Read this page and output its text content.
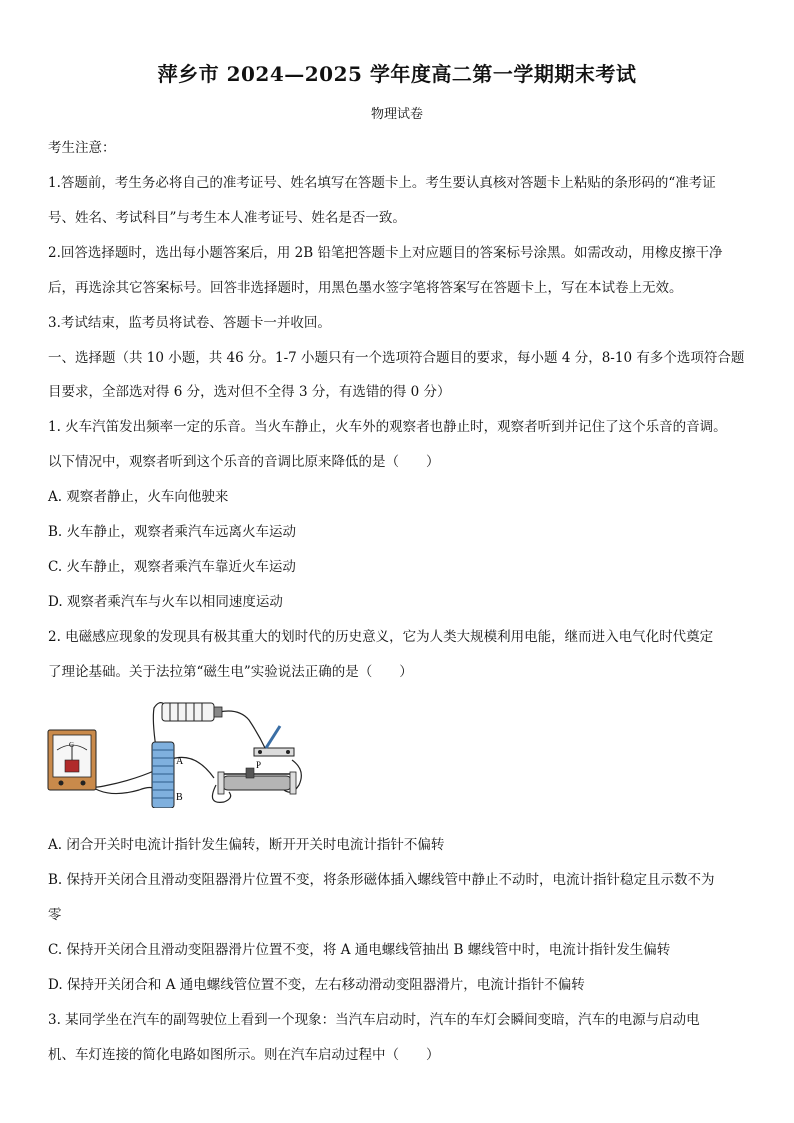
萍乡市 2024—2025 学年度高二第一学期期末考试
物理试卷
考生注意：
1.答题前，考生务必将自己的准考证号、姓名填写在答题卡上。考生要认真核对答题卡上粘贴的条形码的“准考证
号、姓名、考试科目”与考生本人准考证号、姓名是否一致。
2.回答选择题时，选出每小题答案后，用 2B 铅笔把答题卡上对应题目的答案标号涂黑。如需改动，用橡皮擦干净
后，再选涂其它答案标号。回答非选择题时，用黑色墨水签字笔将答案写在答题卡上，写在本试卷上无效。
3.考试结束，监考员将试卷、答题卡一并收回。
一、选择题（共 10 小题，共 46 分。1-7 小题只有一个选项符合题目的要求，每小题 4 分，8-10 有多个选项符合题
目要求，全部选对得 6 分，选对但不全得 3 分，有选错的得 0 分）
1. 火车汽笛发出频率一定的乐音。当火车静止，火车外的观察者也静止时，观察者听到并记住了这个乐音的音调。
以下情况中，观察者听到这个乐音的音调比原来降低的是（　　）
A. 观察者静止，火车向他驶来
B. 火车静止，观察者乘汽车远离火车运动
C. 火车静止，观察者乘汽车靠近火车运动
D. 观察者乘汽车与火车以相同速度运动
2. 电磁感应现象的发现具有极其重大的划时代的历史意义，它为人类大规模利用电能，继而进入电气化时代奠定
了理论基础。关于法拉第“磁生电”实验说法正确的是（　　）
A
B
G
P
A. 闭合开关时电流计指针发生偏转，断开开关时电流计指针不偏转
B. 保持开关闭合且滑动变阻器滑片位置不变，将条形磁体插入螺线管中静止不动时，电流计指针稳定且示数不为
零
C. 保持开关闭合且滑动变阻器滑片位置不变，将 A 通电螺线管抽出 B 螺线管中时，电流计指针发生偏转
D. 保持开关闭合和 A 通电螺线管位置不变，左右移动滑动变阻器滑片，电流计指针不偏转
3. 某同学坐在汽车的副驾驶位上看到一个现象：当汽车启动时，汽车的车灯会瞬间变暗，汽车的电源与启动电
机、车灯连接的简化电路如图所示。则在汽车启动过程中（　　）
